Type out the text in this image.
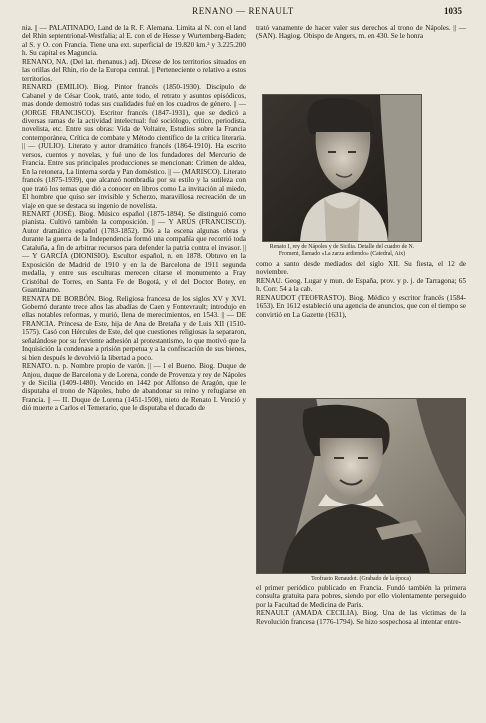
RENANO — RENAULT	1035

nia. || — PALATINADO, Land de la R. F. Alemana. Limita al N. con el land del Rhin septentrional-Westfalia; al E. con el de Hesse y Wurtemberg-Baden; al S. y O. con Francia. Tiene una ext. superficial de 19.820 km.² y 3.225.200 h. Su capital es Maguncia.

RENANO, NA. (Del lat. rhenanus.) adj. Dícese de los territorios situados en las orillas del Rhin, río de la Europa central. || Perteneciente o relativo a estos territorios.

RENARD (EMILIO). Biog. Pintor francés (1850-1930). Discípulo de Cabanel y de César Cook, trató, ante todo, el retrato y asuntos episódicos, mas donde demostró todas sus cualidades fué en los cuadros de género. || — (JORGE FRANCISCO). Escritor francés (1847-1931), que se dedicó a diversas ramas de la actividad intelectual: fué sociólogo, crítico, periodista, novelista, etc. Entre sus obras: Vida de Voltaire, Estudios sobre la Francia contemporánea, Crítica de combate y Método científico de la crítica literaria. || — (JULIO). Literato y autor dramático francés (1864-1910). Ha escrito versos, cuentos y novelas, y fué uno de los fundadores del Mercurio de Francia. Entre sus principales producciones se mencionan: Crimen de aldea, En la retonera, La linterna sorda y Pan doméstico. || — (MARISCO). Literato francés (1875-1939), que alcanzó nombradía por su estilo y la sutileza con que trató los temas que dió a conocer en libros como La invitación al miedo, El hombre que quiso ser invisible y Scherzo, maravillosa recreación de un viaje en que se destaca su ingenio de novelista.

RENART (JOSÉ). Biog. Músico español (1875-1894). Se distinguió como pianista. Cultivó también la composición. || — Y ARÚS (FRANCISCO). Autor dramático español (1783-1852). Dió a la escena algunas obras y durante la guerra de la Independencia formó una compañía que recorrió toda Cataluña, a fin de arbitrar recursos para defender la patria contra el invasor. || — Y GARCÍA (DIONISIO). Escultor español, n. en 1878. Obtuvo en la Exposición de Madrid de 1910 y en la de Barcelona de 1911 segunda medalla, y entre sus esculturas merecen citarse el monumento a Fray Cristóbal de Torres, en Santa Fe de Bogotá, y el del Doctor Botey, en Guantánamo.

RENATA DE BORBÓN. Biog. Religiosa francesa de los siglos XV y XVI. Gobernó durante trece años las abadías de Caen y Fontevrault; introdujo en ellas notables reformas, y murió, llena de merecimientos, en 1543. || — DE FRANCIA. Princesa de Este, hija de Ana de Bretaña y de Luis XII (1510-1575). Casó con Hércules de Este, del que cuestiones religiosas la separaron, señalándose por su ferviente adhesión al protestantismo, lo que motivó que la Inquisición la condenase a prisión perpetua y a la confiscación de sus bienes, si bien después le devolvió la libertad a poco.

RENATO. n. p. Nombre propio de varón. || — I el Bueno. Biog. Duque de Anjou, duque de Barcelona y de Lorena, conde de Provenza y rey de Nápoles y de Sicilia (1409-1480). Vencido en 1442 por Alfonso de Aragón, que le disputaba el trono de Nápoles, hubo de abandonar su reino y refugiarse en Francia. || — II. Duque de Lorena (1451-1508), nieto de Renato I. Venció y dió muerte a Carlos el Temerario, que le disputaba el ducado de

trató vanamente de hacer valer sus derechos al trono de Nápoles. || — (SAN). Hagiog. Obispo de Angers, m. en 430. Se le honra

como a santo desde mediados del siglo XII. Su fiesta, el 12 de noviembre.

RENAU. Geog. Lugar y mun. de España, prov. y p. j. de Tarragona; 65 h. Corr. 54 a la cab.

RENAUDOT (TEOFRASTO). Biog. Médico y escritor francés (1584-1653). En 1612 estableció una agencia de anuncios, que con el tiempo se convirtió en La Gazette (1631),

el primer periódico publicado en Francia. Fundó también la primera consulta gratuita para pobres, siendo por ello violentamente perseguido por la Facultad de Medicina de París.

RENAULT (AMADA CECILIA). Biog. Una de las víctimas de la Revolución francesa (1776-1794). Se hizo sospechosa al intentar entre-

Renato I, rey de Nápoles y de Sicilia. Detalle del cuadro de N. Froment, llamado «La zarza ardiendo» (Catedral, Aix)
Teofrasto Renaudot. (Grabado de la época)
